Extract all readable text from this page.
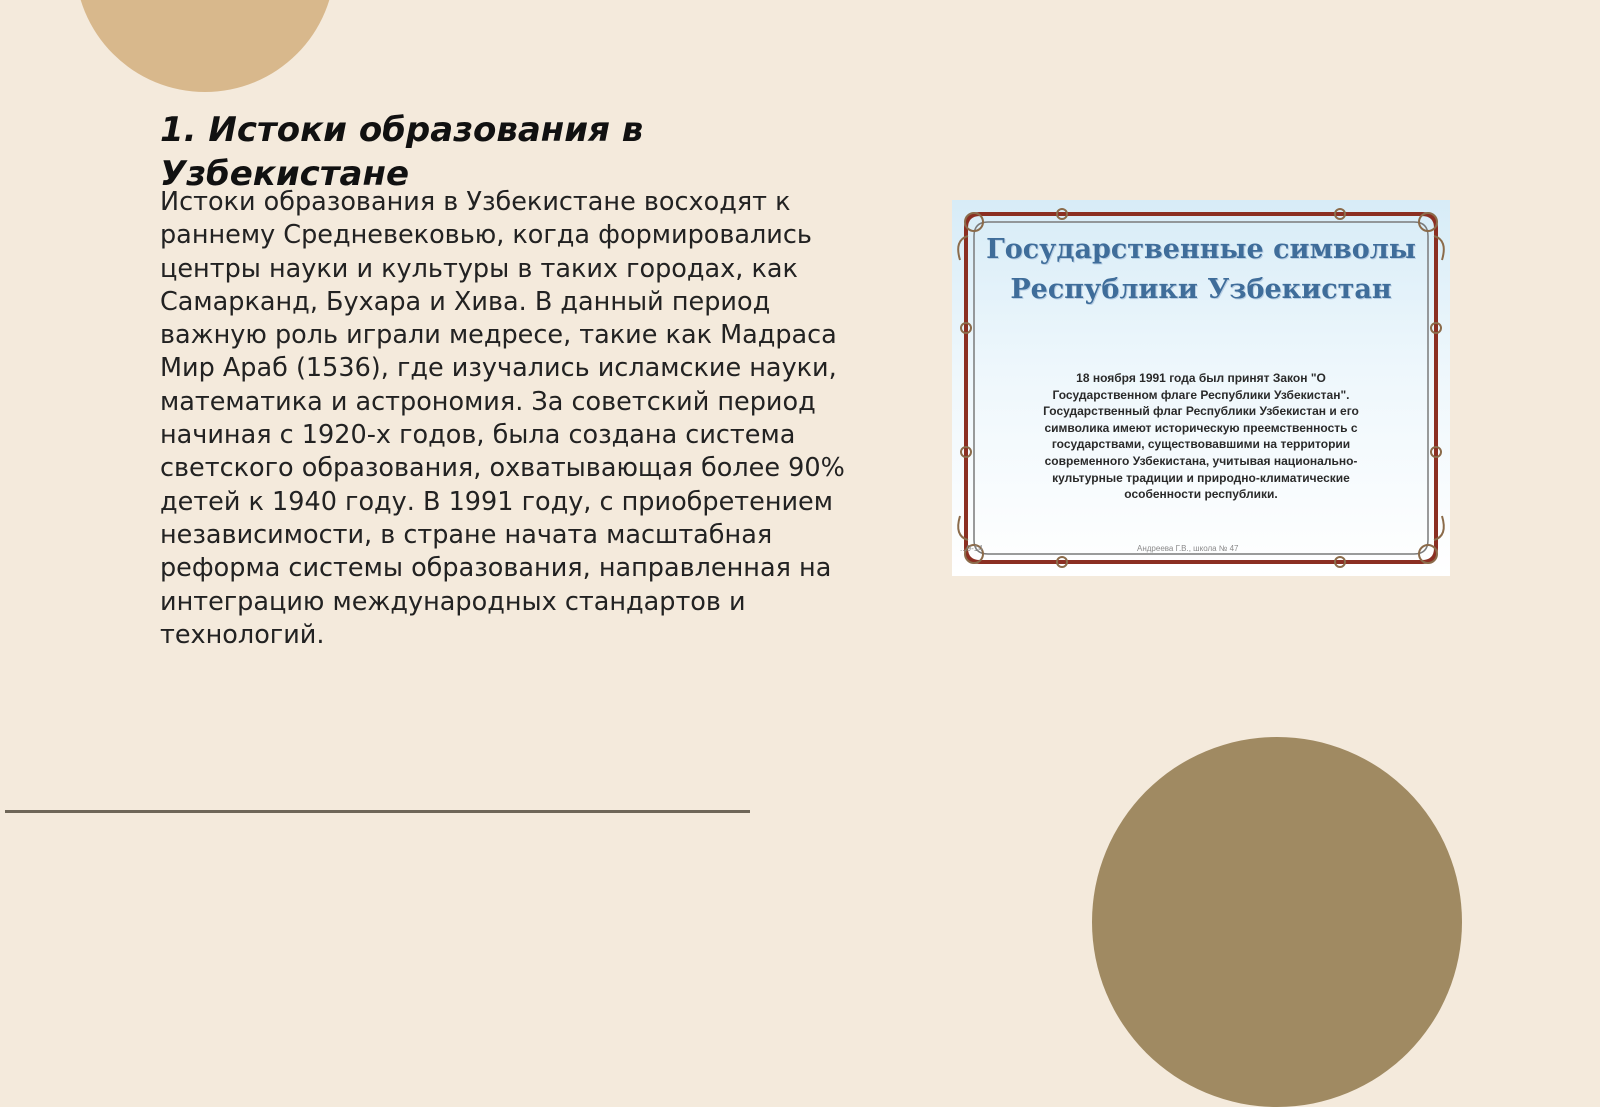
1. Истоки образования в Узбекистане

Истоки образования в Узбекистане восходят к раннему Средневековью, когда формировались центры науки и культуры в таких городах, как Самарканд, Бухара и Хива. В данный период важную роль играли медресе, такие как Мадраса Мир Араб (1536), где изучались исламские науки, математика и астрономия. За советский период начиная с 1920-х годов, была создана система светского образования, охватывающая более 90% детей к 1940 году. В 1991 году, с приобретением независимости, в стране начата масштабная реформа системы образования, направленная на интеграцию международных стандартов и технологий.

Государственные символы Республики Узбекистан

18 ноября 1991 года был принят Закон "О Государственном флаге Республики Узбекистан". Государственный флаг Республики Узбекистан и его символика имеют историческую преемственность с государствами, существовавшими на территории современного Узбекистана, учитывая национально-культурные традиции и природно-климатические особенности республики.

...9-14	Андреева Г.В., школа № 47
